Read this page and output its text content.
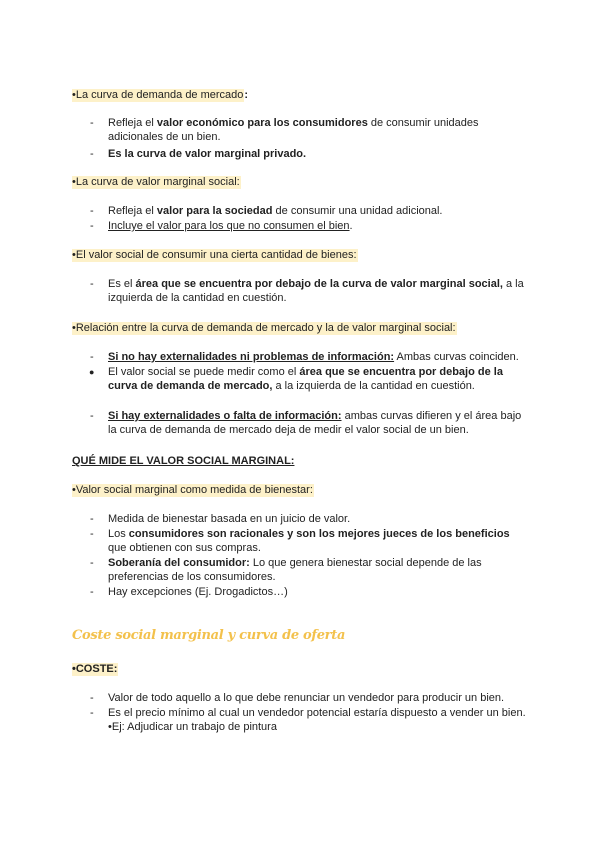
•La curva de demanda de mercado:
- Refleja el valor económico para los consumidores de consumir unidades adicionales de un bien.
- Es la curva de valor marginal privado.
•La curva de valor marginal social:
- Refleja el valor para la sociedad de consumir una unidad adicional.
- Incluye el valor para los que no consumen el bien.
•El valor social de consumir una cierta cantidad de bienes:
- Es el área que se encuentra por debajo de la curva de valor marginal social, a la izquierda de la cantidad en cuestión.
•Relación entre la curva de demanda de mercado y la de valor marginal social:
- Si no hay externalidades ni problemas de información: Ambas curvas coinciden.
● El valor social se puede medir como el área que se encuentra por debajo de la curva de demanda de mercado, a la izquierda de la cantidad en cuestión.
- Si hay externalidades o falta de información: ambas curvas difieren y el área bajo la curva de demanda de mercado deja de medir el valor social de un bien.
QUÉ MIDE EL VALOR SOCIAL MARGINAL:
•Valor social marginal como medida de bienestar:
- Medida de bienestar basada en un juicio de valor.
- Los consumidores son racionales y son los mejores jueces de los beneficios que obtienen con sus compras.
- Soberanía del consumidor: Lo que genera bienestar social depende de las preferencias de los consumidores.
- Hay excepciones (Ej. Drogadictos…)
Coste social marginal y curva de oferta
•COSTE:
- Valor de todo aquello a lo que debe renunciar un vendedor para producir un bien.
- Es el precio mínimo al cual un vendedor potencial estaría dispuesto a vender un bien.
•Ej: Adjudicar un trabajo de pintura
